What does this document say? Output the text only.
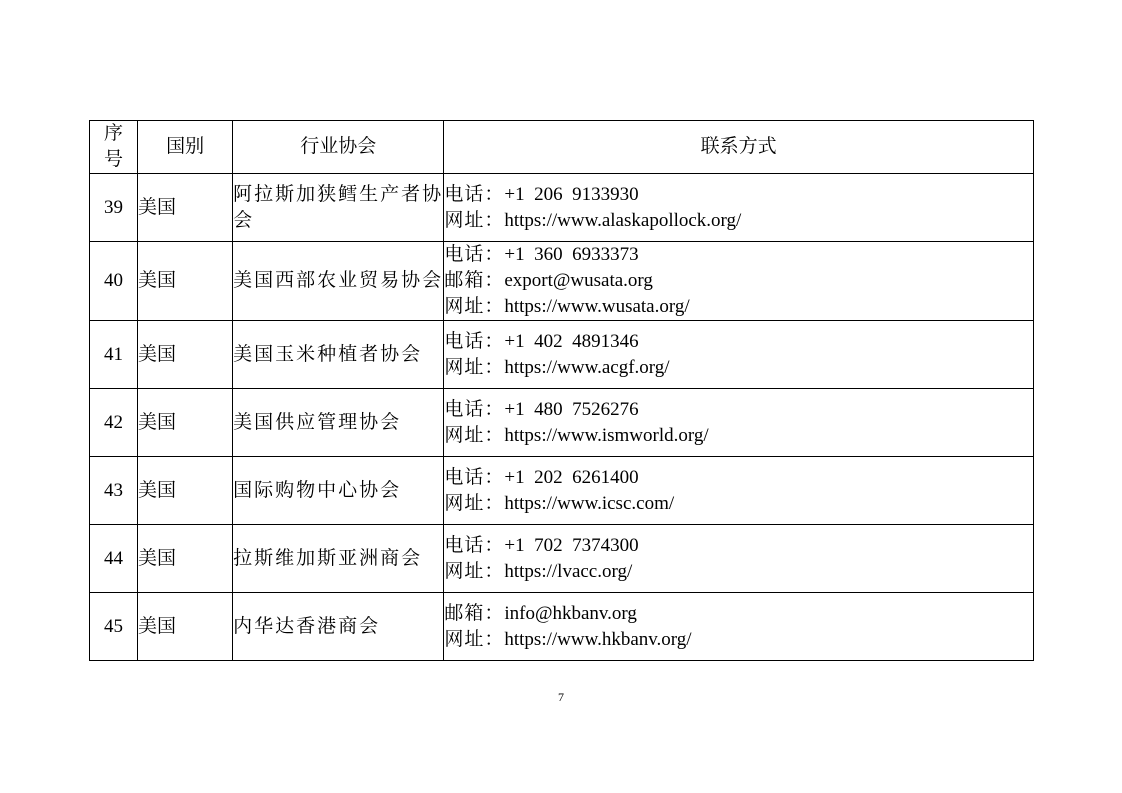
序
号	国别	行业协会	联系方式
39	美国	阿拉斯加狭鳕生产者协会	电话：+1  206  9133930
网址：https://www.alaskapollock.org/

40	美国	美国西部农业贸易协会	电话：+1  360  6933373
邮箱：export@wusata.org
网址：https://www.wusata.org/

41	美国	美国玉米种植者协会	电话：+1  402  4891346
网址：https://www.acgf.org/

42	美国	美国供应管理协会	电话：+1  480  7526276
网址：https://www.ismworld.org/

43	美国	国际购物中心协会	电话：+1  202  6261400
网址：https://www.icsc.com/

44	美国	拉斯维加斯亚洲商会	电话：+1  702  7374300
网址：https://lvacc.org/

45	美国	内华达香港商会	邮箱：info@hkbanv.org
网址：https://www.hkbanv.org/
7
